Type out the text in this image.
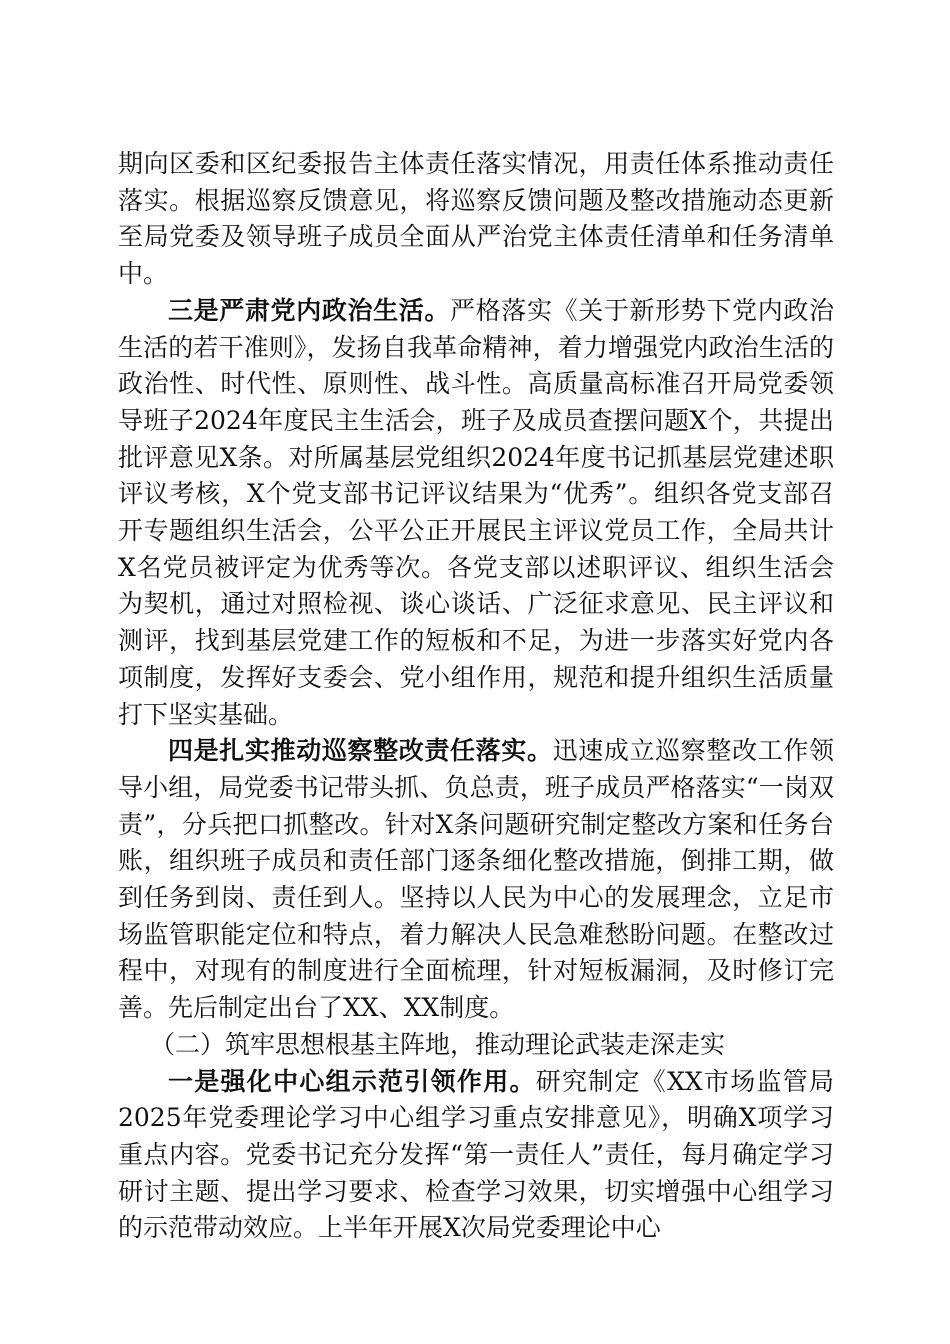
期向区委和区纪委报告主体责任落实情况，用责任体系推动责任落实。根据巡察反馈意见，将巡察反馈问题及整改措施动态更新至局党委及领导班子成员全面从严治党主体责任清单和任务清单中。

三是严肃党内政治生活。严格落实《关于新形势下党内政治生活的若干准则》，发扬自我革命精神，着力增强党内政治生活的政治性、时代性、原则性、战斗性。高质量高标准召开局党委领导班子2024年度民主生活会，班子及成员查摆问题X个，共提出批评意见X条。对所属基层党组织2024年度书记抓基层党建述职评议考核，X个党支部书记评议结果为“优秀”。组织各党支部召开专题组织生活会，公平公正开展民主评议党员工作，全局共计X名党员被评定为优秀等次。各党支部以述职评议、组织生活会为契机，通过对照检视、谈心谈话、广泛征求意见、民主评议和测评，找到基层党建工作的短板和不足，为进一步落实好党内各项制度，发挥好支委会、党小组作用，规范和提升组织生活质量打下坚实基础。

四是扎实推动巡察整改责任落实。迅速成立巡察整改工作领导小组，局党委书记带头抓、负总责，班子成员严格落实“一岗双责”，分兵把口抓整改。针对X条问题研究制定整改方案和任务台账，组织班子成员和责任部门逐条细化整改措施，倒排工期，做到任务到岗、责任到人。坚持以人民为中心的发展理念，立足市场监管职能定位和特点，着力解决人民急难愁盼问题。在整改过程中，对现有的制度进行全面梳理，针对短板漏洞，及时修订完善。先后制定出台了XX、XX制度。

（二）筑牢思想根基主阵地，推动理论武装走深走实

一是强化中心组示范引领作用。研究制定《XX市场监管局2025年党委理论学习中心组学习重点安排意见》，明确X项学习重点内容。党委书记充分发挥“第一责任人”责任，每月确定学习研讨主题、提出学习要求、检查学习效果，切实增强中心组学习的示范带动效应。上半年开展X次局党委理论中心
